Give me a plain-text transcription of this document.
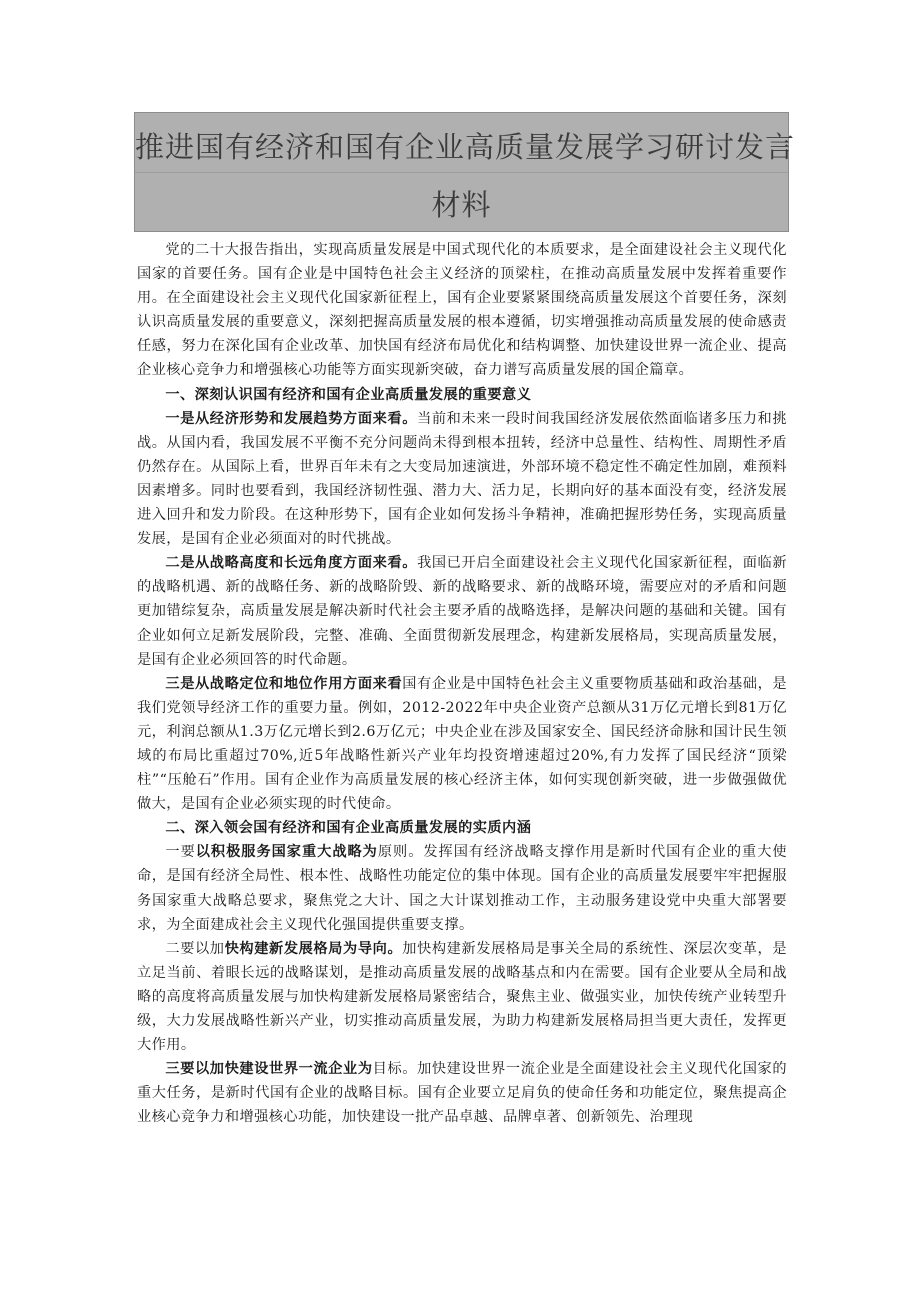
推进国有经济和国有企业高质量发展学习研讨发言
材料

党的二十大报告指出，实现高质量发展是中国式现代化的本质要求，是全面建设社会主义现代化国家的首要任务。国有企业是中国特色社会主义经济的顶梁柱，在推动高质量发展中发挥着重要作用。在全面建设社会主义现代化国家新征程上，国有企业要紧紧围绕高质量发展这个首要任务，深刻认识高质量发展的重要意义，深刻把握高质量发展的根本遵循，切实增强推动高质量发展的使命感责任感，努力在深化国有企业改革、加快国有经济布局优化和结构调整、加快建设世界一流企业、提高企业核心竞争力和增强核心功能等方面实现新突破，奋力谱写高质量发展的国企篇章。

一、深刻认识国有经济和国有企业高质量发展的重要意义

一是从经济形势和发展趋势方面来看。当前和未来一段时间我国经济发展依然面临诸多压力和挑战。从国内看，我国发展不平衡不充分问题尚未得到根本扭转，经济中总量性、结构性、周期性矛盾仍然存在。从国际上看，世界百年未有之大变局加速演进，外部环境不稳定性不确定性加剧，难预料因素增多。同时也要看到，我国经济韧性强、潜力大、活力足，长期向好的基本面没有变，经济发展进入回升和发力阶段。在这种形势下，国有企业如何发扬斗争精神，准确把握形势任务，实现高质量发展，是国有企业必须面对的时代挑战。

二是从战略高度和长远角度方面来看。我国已开启全面建设社会主义现代化国家新征程，面临新的战略机遇、新的战略任务、新的战略阶毁、新的战略要求、新的战略环境，需要应对的矛盾和问题更加错综复杂，高质量发展是解决新时代社会主要矛盾的战略选择，是解决问题的基础和关键。国有企业如何立足新发展阶段，完整、准确、全面贯彻新发展理念，构建新发展格局，实现高质量发展，是国有企业必须回答的时代命题。

三是从战略定位和地位作用方面来看国有企业是中国特色社会主义重要物质基础和政治基础，是我们党领导经济工作的重要力量。例如，2012-2022年中央企业资产总额从31万亿元增长到81万亿元，利润总额从1.3万亿元增长到2.6万亿元；中央企业在涉及国家安全、国民经济命脉和国计民生领域的布局比重超过70%,近5年战略性新兴产业年均投资增速超过20%,有力发挥了国民经济“顶梁柱”“压舱石”作用。国有企业作为高质量发展的核心经济主体，如何实现创新突破，进一步做强做优做大，是国有企业必须实现的时代使命。

二、深入领会国有经济和国有企业高质量发展的实质内涵

一要以积极服务国家重大战略为原则。发挥国有经济战略支撑作用是新时代国有企业的重大使命，是国有经济全局性、根本性、战略性功能定位的集中体现。国有企业的高质量发展要牢牢把握服务国家重大战略总要求，聚焦党之大计、国之大计谋划推动工作，主动服务建设党中央重大部署要求，为全面建成社会主义现代化强国提供重要支撑。

二要以加快构建新发展格局为导向。加快构建新发展格局是事关全局的系统性、深层次变革，是立足当前、着眼长远的战略谋划，是推动高质量发展的战略基点和内在需要。国有企业要从全局和战略的高度将高质量发展与加快构建新发展格局紧密结合，聚焦主业、做强实业，加快传统产业转型升级，大力发展战略性新兴产业，切实推动高质量发展，为助力构建新发展格局担当更大责任，发挥更大作用。

三要以加快建设世界一流企业为目标。加快建设世界一流企业是全面建设社会主义现代化国家的重大任务，是新时代国有企业的战略目标。国有企业要立足肩负的使命任务和功能定位，聚焦提高企业核心竞争力和增强核心功能，加快建设一批产品卓越、品牌卓著、创新领先、治理现
